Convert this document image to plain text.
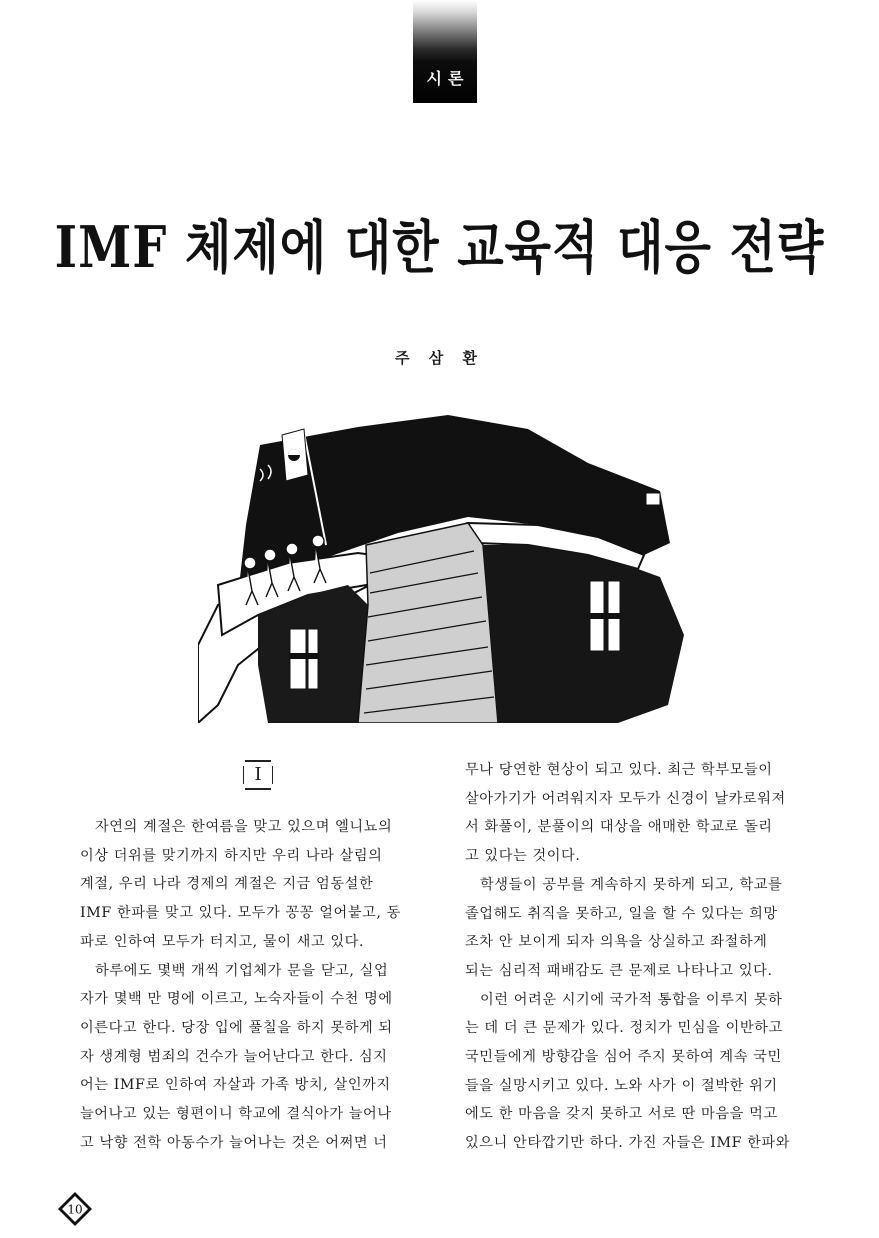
시론
IMF 체제에 대한 교육적 대응 전략
주 삼 환
I

자연의 계절은 한여름을 맞고 있으며 엘니뇨의

이상 더위를 맞기까지 하지만 우리 나라 살림의

계절, 우리 나라 경제의 계절은 지금 엄동설한

IMF 한파를 맞고 있다. 모두가 꽁꽁 얼어붙고, 동

파로 인하여 모두가 터지고, 물이 새고 있다.

하루에도 몇백 개씩 기업체가 문을 닫고, 실업

자가 몇백 만 명에 이르고, 노숙자들이 수천 명에

이른다고 한다. 당장 입에 풀칠을 하지 못하게 되

자 생계형 범죄의 건수가 늘어난다고 한다. 심지

어는 IMF로 인하여 자살과 가족 방치, 살인까지

늘어나고 있는 형편이니 학교에 결식아가 늘어나

고 낙향 전학 아동수가 늘어나는 것은 어쩌면 너

무나 당연한 현상이 되고 있다. 최근 학부모들이

살아가기가 어려워지자 모두가 신경이 날카로워져

서 화풀이, 분풀이의 대상을 애매한 학교로 돌리

고 있다는 것이다.

학생들이 공부를 계속하지 못하게 되고, 학교를

졸업해도 취직을 못하고, 일을 할 수 있다는 희망

조차 안 보이게 되자 의욕을 상실하고 좌절하게

되는 심리적 패배감도 큰 문제로 나타나고 있다.

이런 어려운 시기에 국가적 통합을 이루지 못하

는 데 더 큰 문제가 있다. 정치가 민심을 이반하고

국민들에게 방향감을 심어 주지 못하여 계속 국민

들을 실망시키고 있다. 노와 사가 이 절박한 위기

에도 한 마음을 갖지 못하고 서로 딴 마음을 먹고

있으니 안타깝기만 하다. 가진 자들은 IMF 한파와

10
